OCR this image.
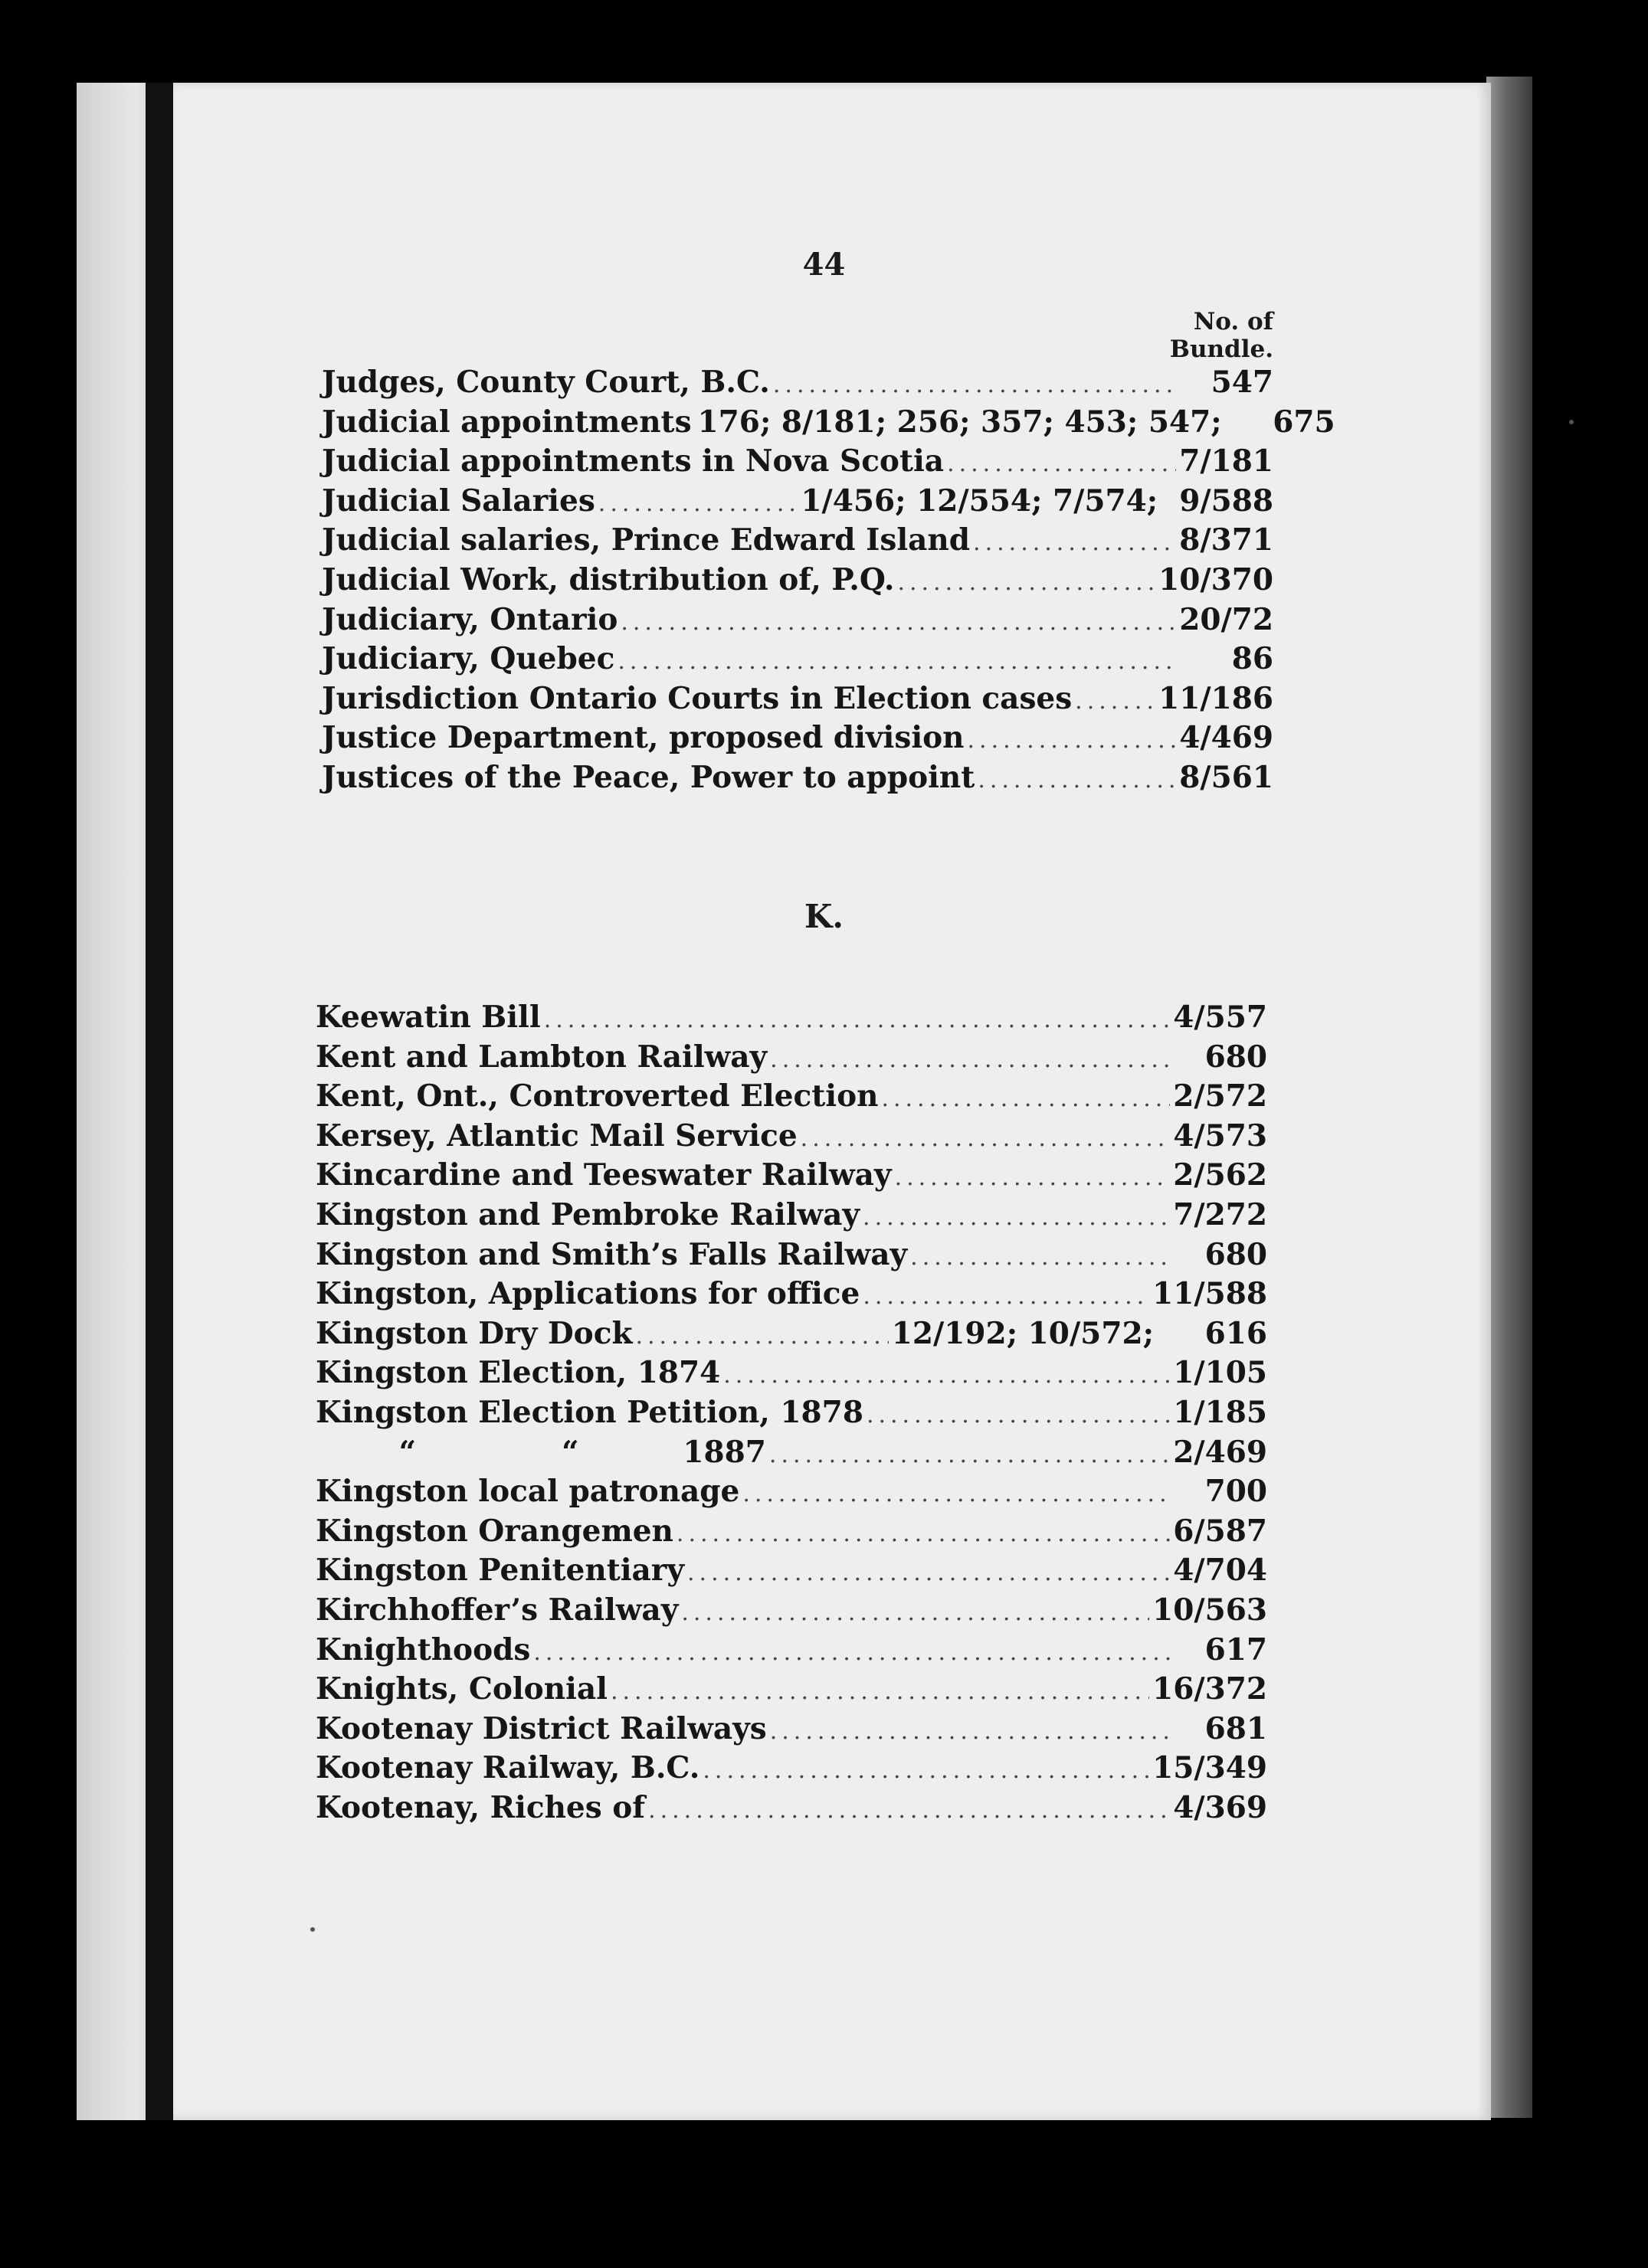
44
No. of
Bundle.
Judges, County Court, B.C. .....	547
Judicial appointments 176; 8/181; 256; 357; 453; 547;	675
Judicial appointments in Nova Scotia .....	7/181
Judicial Salaries .....	1/456; 12/554; 7/574; 9/588
Judicial salaries, Prince Edward Island .....	8/371
Judicial Work, distribution of, P.Q. .....	10/370
Judiciary, Ontario .....	20/72
Judiciary, Quebec .....	86
Jurisdiction Ontario Courts in Election cases .....	11/186
Justice Department, proposed division .....	4/469
Justices of the Peace, Power to appoint .....	8/561
K.
Keewatin Bill .....	4/557
Kent and Lambton Railway .....	680
Kent, Ont., Controverted Election .....	2/572
Kersey, Atlantic Mail Service .....	4/573
Kincardine and Teeswater Railway .....	2/562
Kingston and Pembroke Railway .....	7/272
Kingston and Smith’s Falls Railway .....	680
Kingston, Applications for office .....	11/588
Kingston Dry Dock .....	12/192; 10/572;	616
Kingston Election, 1874 .....	1/105
Kingston Election Petition, 1878 .....	1/185
“              “          1887 .....	2/469
Kingston local patronage .....	700
Kingston Orangemen .....	6/587
Kingston Penitentiary .....	4/704
Kirchhoffer’s Railway .....	10/563
Knighthoods .....	617
Knights, Colonial .....	16/372
Kootenay District Railways .....	681
Kootenay Railway, B.C. .....	15/349
Kootenay, Riches of .....	4/369
